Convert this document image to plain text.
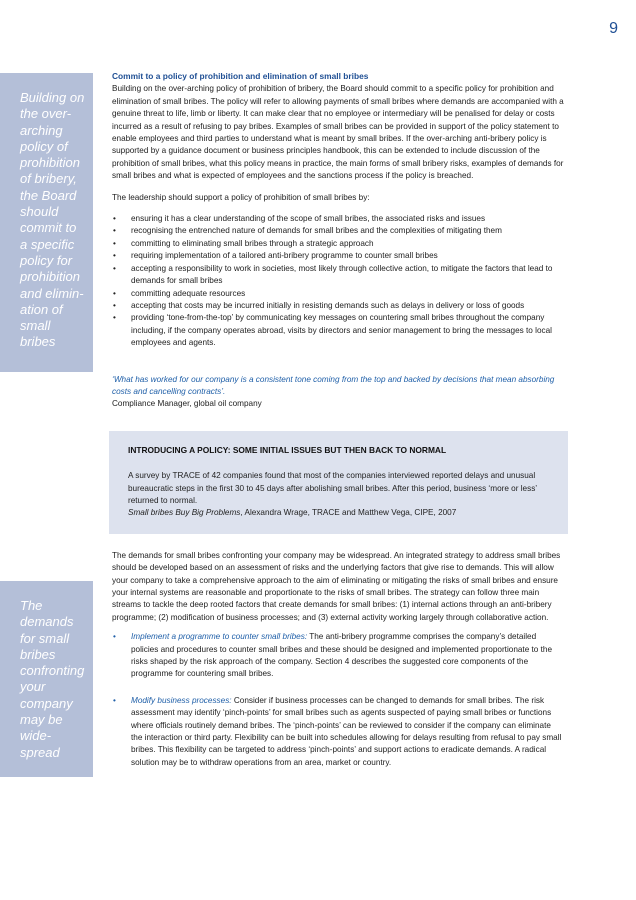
9
Building on the over-arching policy of prohibition of bribery, the Board should commit to a specific policy for prohibition and elimin-ation of small bribes
The demands for small bribes confronting your company may be wide-spread

Commit to a policy of prohibition and elimination of small bribes

Building on the over-arching policy of prohibition of bribery, the Board should commit to a specific policy for prohibition and elimination of small bribes. The policy will refer to allowing payments of small bribes where demands are accompanied with a genuine threat to life, limb or liberty. It can make clear that no employee or intermediary will be penalised for delay or costs incurred as a result of refusing to pay bribes. Examples of small bribes can be provided in support of the policy statement to enable employees and third parties to understand what is meant by small bribes. If the over-arching anti-bribery policy is supported by a guidance document or business principles handbook, this can be extended to include discussion of the prohibition of small bribes, what this policy means in practice, the main forms of small bribery risks, examples of demands for small bribes and what is expected of employees and the sanctions process if the policy is breached.

The leadership should support a policy of prohibition of small bribes by:

• ensuring it has a clear understanding of the scope of small bribes, the associated risks and issues
• recognising the entrenched nature of demands for small bribes and the complexities of mitigating them
• committing to eliminating small bribes through a strategic approach
• requiring implementation of a tailored anti-bribery programme to counter small bribes
• accepting a responsibility to work in societies, most likely through collective action, to mitigate the factors that lead to demands for small bribes
• committing adequate resources
• accepting that costs may be incurred initially in resisting demands such as delays in delivery or loss of goods
• providing ‘tone-from-the-top’ by communicating key messages on countering small bribes throughout the company including, if the company operates abroad, visits by directors and senior management to bring the messages to local employees and agents.

‘What has worked for our company is a consistent tone coming from the top and backed by decisions that mean absorbing costs and cancelling contracts’.

Compliance Manager, global oil company

INTRODUCING A POLICY: SOME INITIAL ISSUES BUT THEN BACK TO NORMAL

A survey by TRACE of 42 companies found that most of the companies interviewed reported delays and unusual bureaucratic steps in the first 30 to 45 days after abolishing small bribes. After this period, business ‘more or less’ returned to normal.

Small bribes Buy Big Problems, Alexandra Wrage, TRACE and Matthew Vega, CIPE, 2007

The demands for small bribes confronting your company may be widespread. An integrated strategy to address small bribes should be developed based on an assessment of risks and the underlying factors that give rise to demands. This will allow your company to take a comprehensive approach to the aim of eliminating or mitigating the risks of small bribes and ensure your internal systems are reasonable and proportionate to the risks of small bribes. The strategy can follow three main streams to tackle the deep rooted factors that create demands for small bribes: (1) internal actions through an anti-bribery programme; (2) modification of business processes; and (3) external activity working largely through collaborative action.

• Implement a programme to counter small bribes: The anti-bribery programme comprises the company’s detailed policies and procedures to counter small bribes and these should be designed and implemented proportionate to the risks shaped by the risk approach of the company. Section 4 describes the suggested core components of the programme for countering small bribes.
• Modify business processes: Consider if business processes can be changed to demands for small bribes. The risk assessment may identify ‘pinch-points’ for small bribes such as agents suspected of paying small bribes or functions where officials routinely demand bribes. The ‘pinch-points’ can be reviewed to consider if the company can eliminate the interaction or third party. Flexibility can be built into schedules allowing for delays resulting from refusal to pay small bribes. This flexibility can be targeted to address ‘pinch-points’ and support actions to eradicate demands. A radical solution may be to withdraw operations from an area, market or country.
